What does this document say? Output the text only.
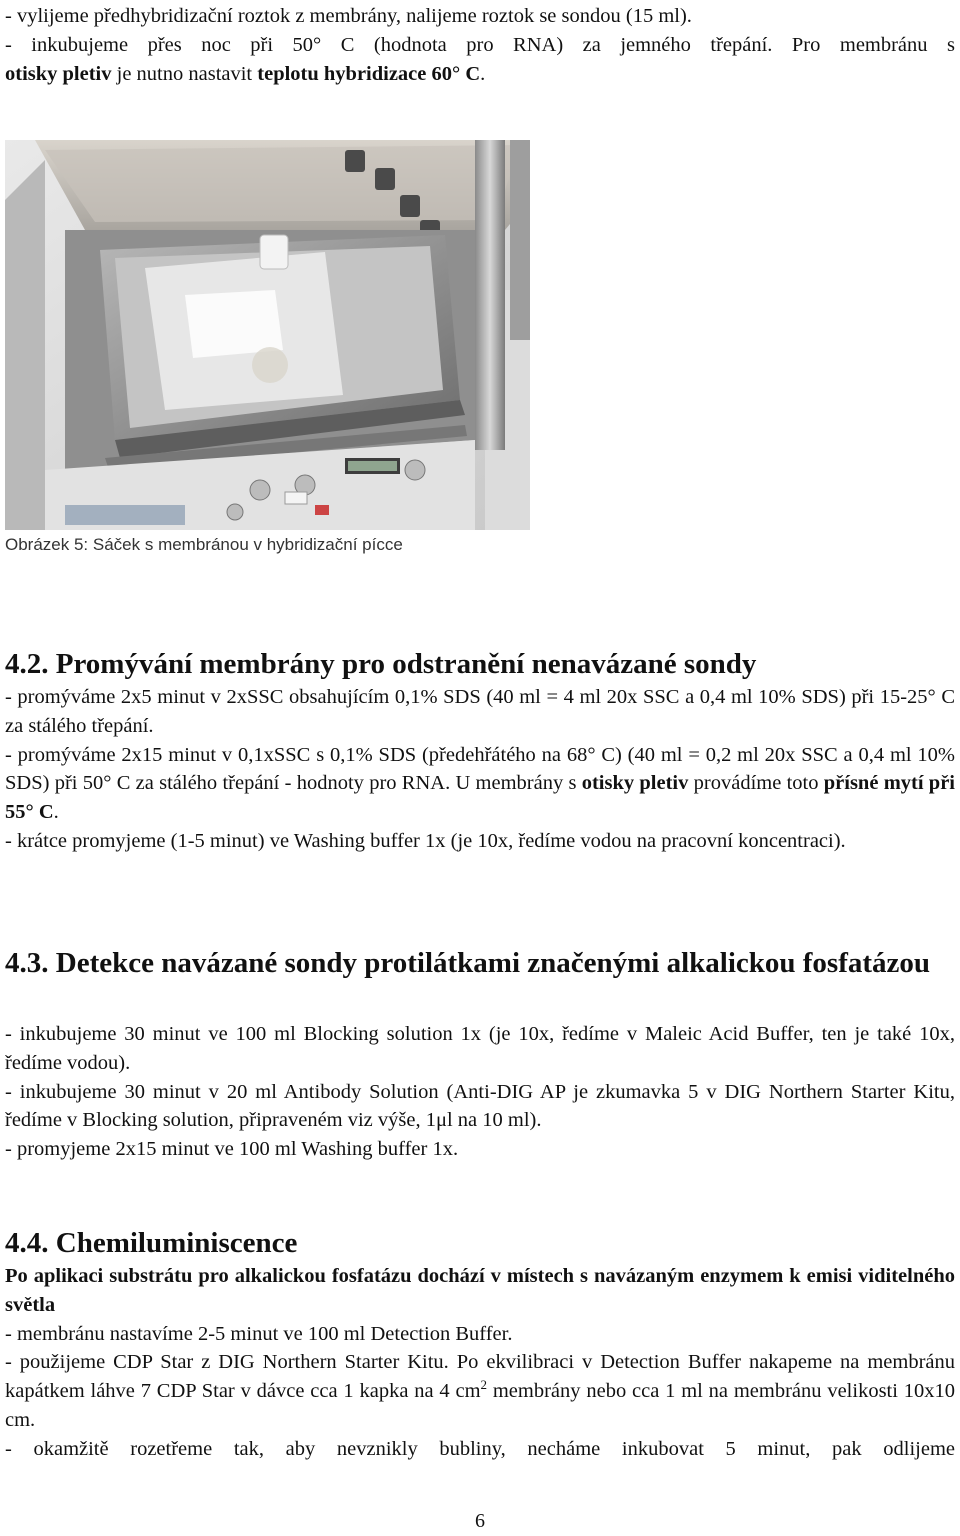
- vylijeme předhybridizační roztok z membrány, nalijeme roztok se sondou (15 ml).

- inkubujeme přes noc při 50° C (hodnota pro RNA) za jemného třepání. Pro membránu s

otisky pletiv je nutno nastavit teplotu hybridizace 60° C.

Obrázek 5: Sáček s membránou v hybridizační pícce
4.2. Promývání membrány pro odstranění nenavázané sondy

- promýváme 2x5 minut v 2xSSC obsahujícím 0,1% SDS (40 ml = 4 ml 20x SSC a 0,4 ml 10% SDS) při 15-25° C za stálého třepání.

- promýváme 2x15 minut v 0,1xSSC s 0,1% SDS (předehřátého na 68° C) (40 ml = 0,2 ml 20x SSC a 0,4 ml 10% SDS) při 50° C za stálého třepání - hodnoty pro RNA. U membrány s otisky pletiv provádíme toto přísné mytí při 55° C.

- krátce promyjeme (1-5 minut) ve Washing buffer 1x (je 10x, ředíme vodou na pracovní koncentraci).

4.3. Detekce navázané sondy protilátkami značenými alkalickou fosfatázou

- inkubujeme 30 minut ve 100 ml Blocking solution 1x (je 10x, ředíme v Maleic Acid Buffer, ten je také 10x, ředíme vodou).

- inkubujeme 30 minut v 20 ml Antibody Solution (Anti-DIG AP je zkumavka 5 v DIG Northern Starter Kitu, ředíme v Blocking solution, připraveném viz výše, 1μl na 10 ml).

- promyjeme 2x15 minut ve 100 ml Washing buffer 1x.

4.4. Chemiluminiscence

Po aplikaci substrátu pro alkalickou fosfatázu dochází v místech s navázaným enzymem k emisi viditelného světla

- membránu nastavíme 2-5 minut ve 100 ml Detection Buffer.

- použijeme CDP Star z DIG Northern Starter Kitu. Po ekvilibraci v Detection Buffer nakapeme na membránu kapátkem láhve 7 CDP Star v dávce cca 1 kapka na 4 $cm^2$ membrány nebo cca 1 ml na membránu velikosti 10x10 cm.

- okamžitě rozetřeme tak, aby nevznikly bubliny, necháme inkubovat 5 minut, pak odlijeme

6
